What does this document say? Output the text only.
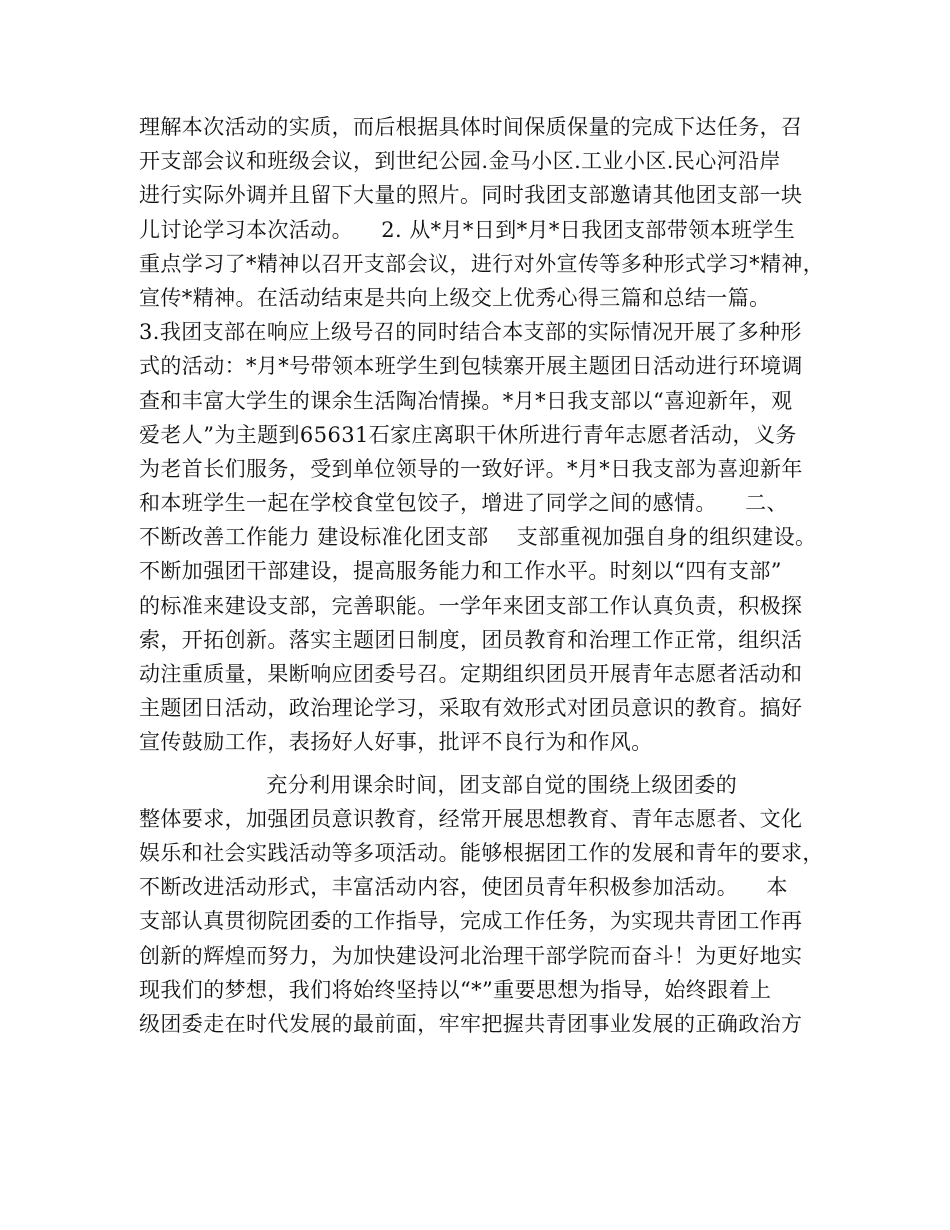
理解本次活动的实质，而后根据具体时间保质保量的完成下达任务，召
开支部会议和班级会议，到世纪公园.金马小区.工业小区.民心河沿岸
进行实际外调并且留下大量的照片。同时我团支部邀请其他团支部一块
儿讨论学习本次活动。    2. 从*月*日到*月*日我团支部带领本班学生
重点学习了*精神以召开支部会议，进行对外宣传等多种形式学习*精神，
宣传*精神。在活动结束是共向上级交上优秀心得三篇和总结一篇。
3.我团支部在响应上级号召的同时结合本支部的实际情况开展了多种形
式的活动：*月*号带领本班学生到包犊寨开展主题团日活动进行环境调
查和丰富大学生的课余生活陶冶情操。*月*日我支部以“喜迎新年，观
爱老人”为主题到65631石家庄离职干休所进行青年志愿者活动，义务
为老首长们服务，受到单位领导的一致好评。*月*日我支部为喜迎新年
和本班学生一起在学校食堂包饺子，增进了同学之间的感情。    二、
不断改善工作能力 建设标准化团支部    支部重视加强自身的组织建设。
不断加强团干部建设，提高服务能力和工作水平。时刻以“四有支部”
的标准来建设支部，完善职能。一学年来团支部工作认真负责，积极探
索，开拓创新。落实主题团日制度，团员教育和治理工作正常，组织活
动注重质量，果断响应团委号召。定期组织团员开展青年志愿者活动和
主题团日活动，政治理论学习，采取有效形式对团员意识的教育。搞好
宣传鼓励工作，表扬好人好事，批评不良行为和作风。
充分利用课余时间，团支部自觉的围绕上级团委的
整体要求，加强团员意识教育，经常开展思想教育、青年志愿者、文化
娱乐和社会实践活动等多项活动。能够根据团工作的发展和青年的要求，
不断改进活动形式，丰富活动内容，使团员青年积极参加活动。    本
支部认真贯彻院团委的工作指导，完成工作任务，为实现共青团工作再
创新的辉煌而努力，为加快建设河北治理干部学院而奋斗！为更好地实
现我们的梦想，我们将始终坚持以“*”重要思想为指导，始终跟着上
级团委走在时代发展的最前面，牢牢把握共青团事业发展的正确政治方
